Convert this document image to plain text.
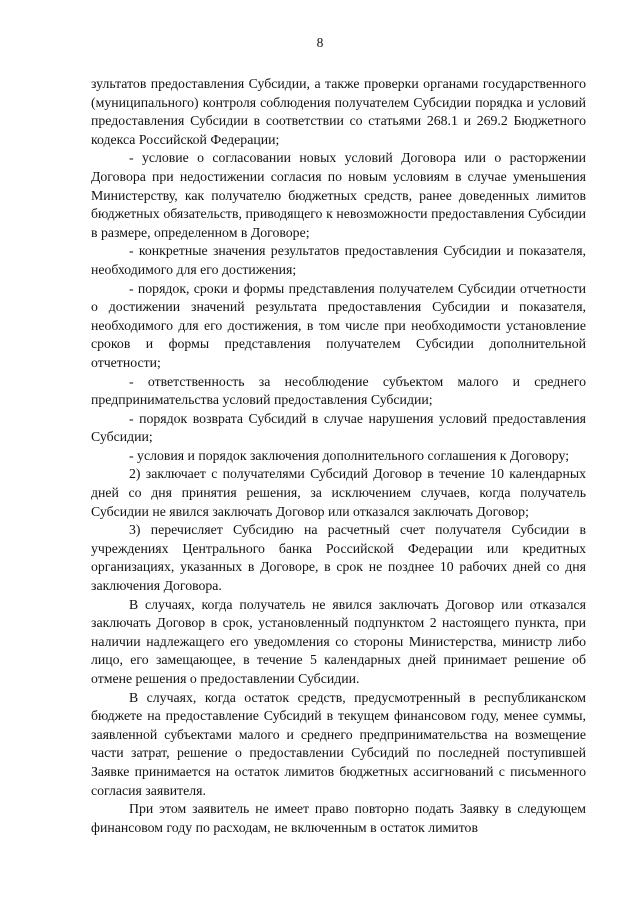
8

зультатов предоставления Субсидии, а также проверки органами государственного (муниципального) контроля соблюдения получателем Субсидии порядка и условий предоставления Субсидии в соответствии со статьями 268.1 и 269.2 Бюджетного кодекса Российской Федерации;

- условие о согласовании новых условий Договора или о расторжении Договора при недостижении согласия по новым условиям в случае уменьшения Министерству, как получателю бюджетных средств, ранее доведенных лимитов бюджетных обязательств, приводящего к невозможности предоставления Субсидии в размере, определенном в Договоре;

- конкретные значения результатов предоставления Субсидии и показателя, необходимого для его достижения;

- порядок, сроки и формы представления получателем Субсидии отчетности о достижении значений результата предоставления Субсидии и показателя, необходимого для его достижения, в том числе при необходимости установление сроков и формы представления получателем Субсидии дополнительной отчетности;

- ответственность за несоблюдение субъектом малого и среднего предпринимательства условий предоставления Субсидии;

- порядок возврата Субсидий в случае нарушения условий предоставления Субсидии;

- условия и порядок заключения дополнительного соглашения к Договору;

2) заключает с получателями Субсидий Договор в течение 10 календарных дней со дня принятия решения, за исключением случаев, когда получатель Субсидии не явился заключать Договор или отказался заключать Договор;

3) перечисляет Субсидию на расчетный счет получателя Субсидии в учреждениях Центрального банка Российской Федерации или кредитных организациях, указанных в Договоре, в срок не позднее 10 рабочих дней со дня заключения Договора.

В случаях, когда получатель не явился заключать Договор или отказался заключать Договор в срок, установленный подпунктом 2 настоящего пункта, при наличии надлежащего его уведомления со стороны Министерства, министр либо лицо, его замещающее, в течение 5 календарных дней принимает решение об отмене решения о предоставлении Субсидии.

В случаях, когда остаток средств, предусмотренный в республиканском бюджете на предоставление Субсидий в текущем финансовом году, менее суммы, заявленной субъектами малого и среднего предпринимательства на возмещение части затрат, решение о предоставлении Субсидий по последней поступившей Заявке принимается на остаток лимитов бюджетных ассигнований с письменного согласия заявителя.

При этом заявитель не имеет право повторно подать Заявку в следующем финансовом году по расходам, не включенным в остаток лимитов
